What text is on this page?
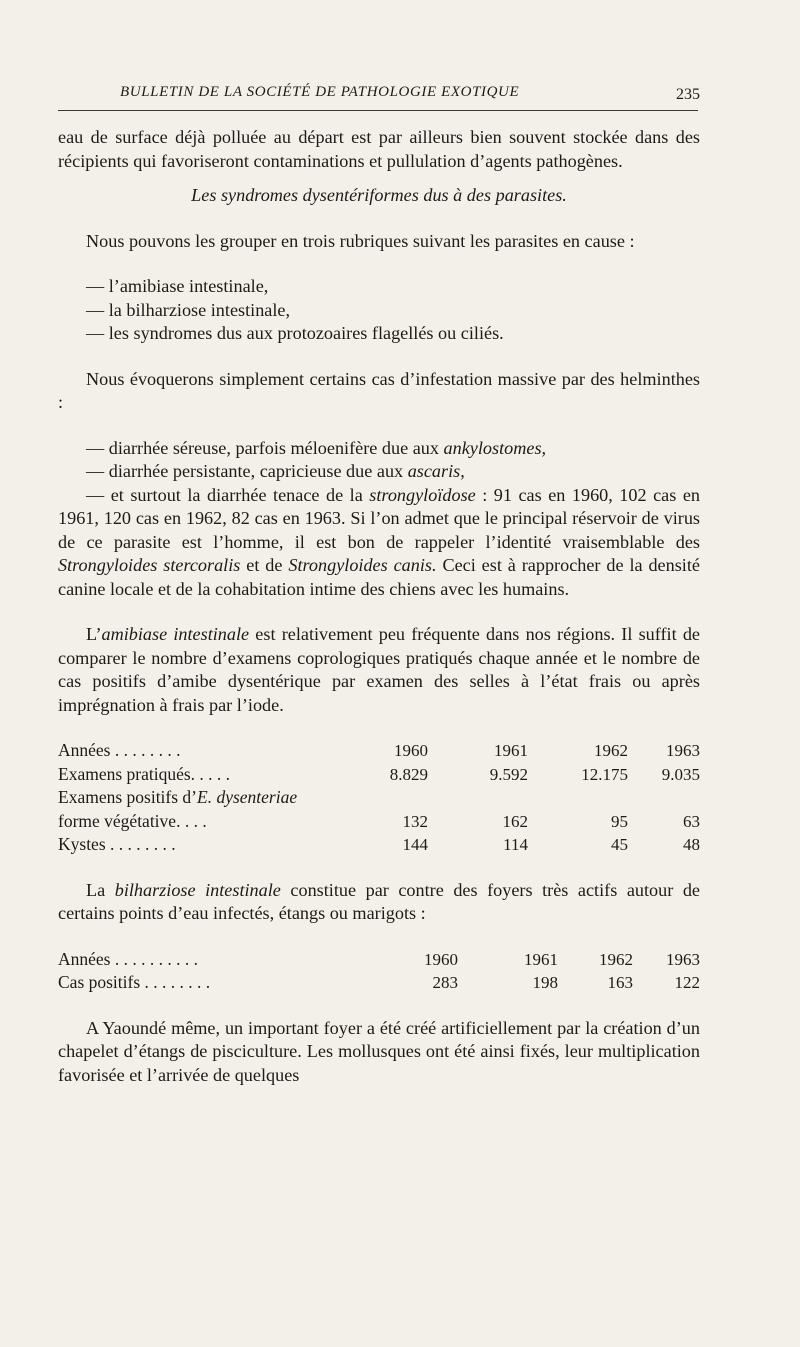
BULLETIN DE LA SOCIÉTÉ DE PATHOLOGIE EXOTIQUE	235

eau de surface déjà polluée au départ est par ailleurs bien souvent stockée dans des récipients qui favoriseront contaminations et pullulation d’agents pathogènes.

Les syndromes dysentériformes dus à des parasites.

Nous pouvons les grouper en trois rubriques suivant les parasites en cause :

— l’amibiase intestinale,

— la bilharziose intestinale,

— les syndromes dus aux protozoaires flagellés ou ciliés.

Nous évoquerons simplement certains cas d’infestation massive par des helminthes :

— diarrhée séreuse, parfois méloenifère due aux ankylostomes,

— diarrhée persistante, capricieuse due aux ascaris,

— et surtout la diarrhée tenace de la strongyloïdose : 91 cas en 1960, 102 cas en 1961, 120 cas en 1962, 82 cas en 1963. Si l’on admet que le principal réservoir de virus de ce parasite est l’homme, il est bon de rappeler l’identité vraisemblable des Strongyloides stercoralis et de Strongyloides canis. Ceci est à rapprocher de la densité canine locale et de la cohabitation intime des chiens avec les humains.

L’amibiase intestinale est relativement peu fréquente dans nos régions. Il suffit de comparer le nombre d’examens coprologiques pratiqués chaque année et le nombre de cas positifs d’amibe dysentérique par examen des selles à l’état frais ou après imprégnation à frais par l’iode.

Années . . . . . . . .	1960	1961	1962	1963
Examens pratiqués. . . . .	8.829	9.592	12.175	9.035
Examens positifs d’E. dysenteriae				
forme végétative. . . .	132	162	95	63
Kystes . . . . . . . .	144	114	45	48

La bilharziose intestinale constitue par contre des foyers très actifs autour de certains points d’eau infectés, étangs ou marigots :

Années . . . . . . . . . .	1960	1961	1962	1963
Cas positifs . . . . . . . .	283	198	163	122

A Yaoundé même, un important foyer a été créé artificiellement par la création d’un chapelet d’étangs de pisciculture. Les mollusques ont été ainsi fixés, leur multiplication favorisée et l’arrivée de quelques
